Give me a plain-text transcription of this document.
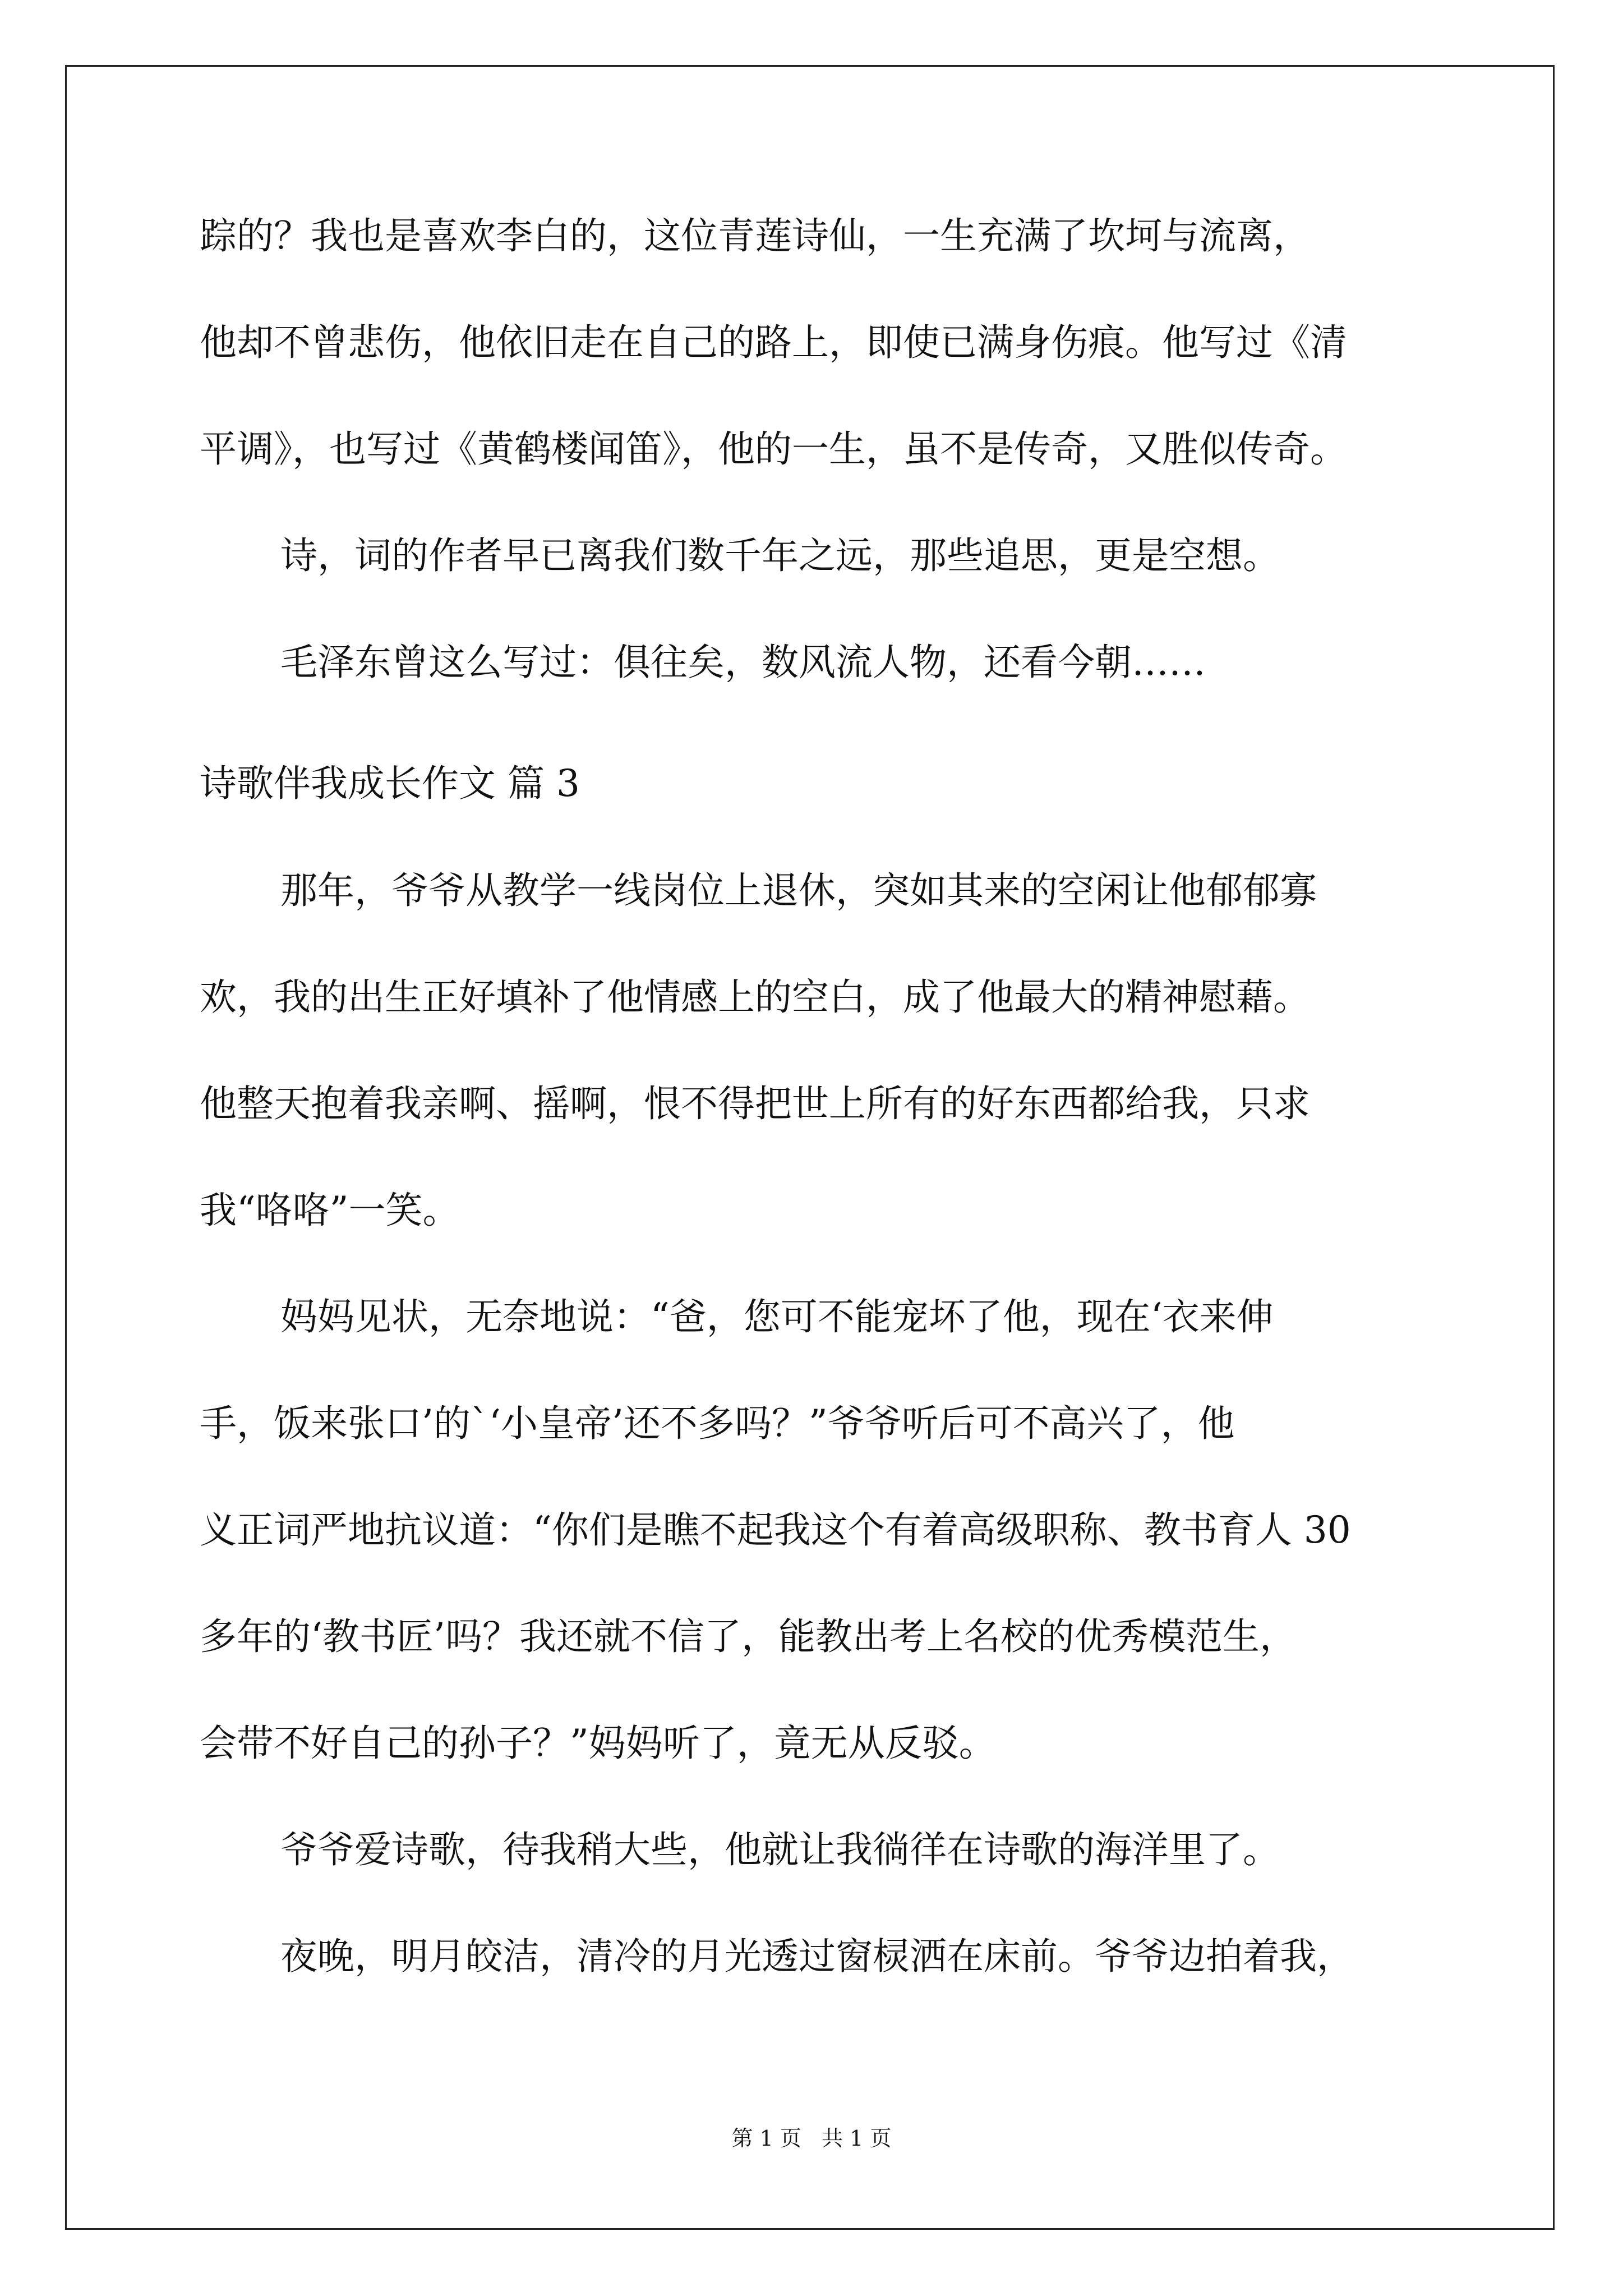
踪的？我也是喜欢李白的，这位青莲诗仙，一生充满了坎坷与流离，
他却不曾悲伤，他依旧走在自己的路上，即使已满身伤痕。他写过《清
平调》，也写过《黄鹤楼闻笛》，他的一生，虽不是传奇，又胜似传奇。
诗，词的作者早已离我们数千年之远，那些追思，更是空想。
毛泽东曾这么写过：俱往矣，数风流人物，还看今朝……
诗歌伴我成长作文 篇 3
那年，爷爷从教学一线岗位上退休，突如其来的空闲让他郁郁寡
欢，我的出生正好填补了他情感上的空白，成了他最大的精神慰藉。
他整天抱着我亲啊、摇啊，恨不得把世上所有的好东西都给我，只求
我“咯咯”一笑。
妈妈见状，无奈地说：“爸，您可不能宠坏了他，现在‘衣来伸
手，饭来张口’的`‘小皇帝’还不多吗？”爷爷听后可不高兴了，他
义正词严地抗议道：“你们是瞧不起我这个有着高级职称、教书育人 30
多年的‘教书匠’吗？我还就不信了，能教出考上名校的优秀模范生，
会带不好自己的孙子？”妈妈听了，竟无从反驳。
爷爷爱诗歌，待我稍大些，他就让我徜徉在诗歌的海洋里了。
夜晚，明月皎洁，清冷的月光透过窗棂洒在床前。爷爷边拍着我，
第 1 页   共 1 页
